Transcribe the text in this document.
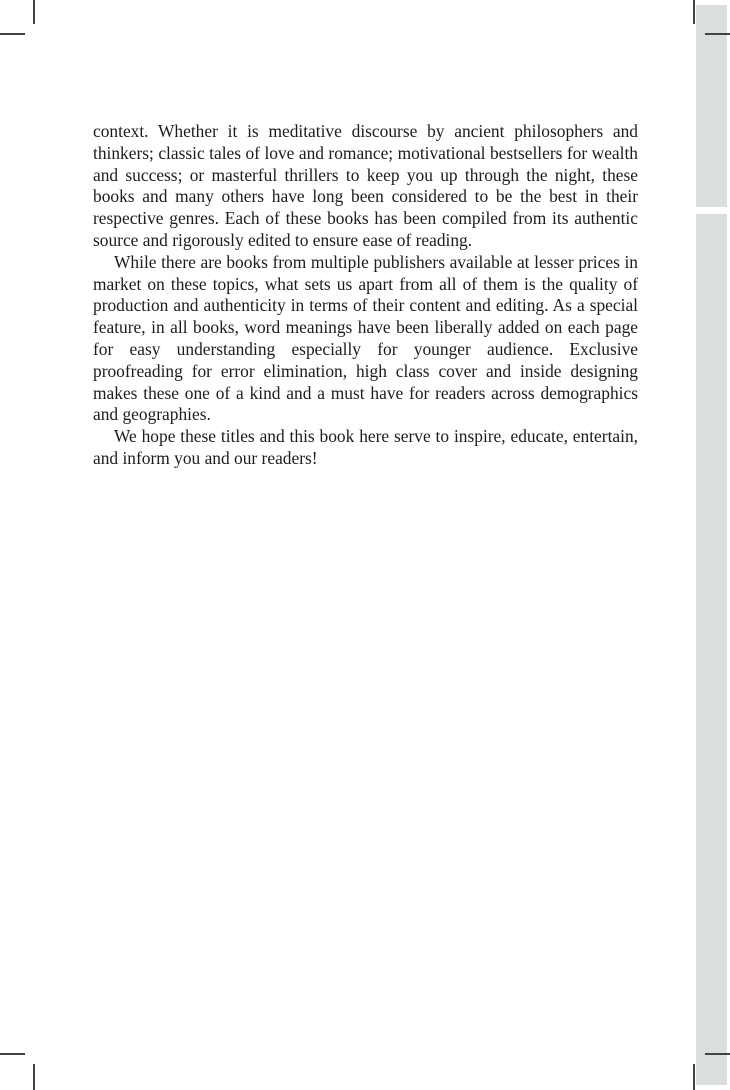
context. Whether it is meditative discourse by ancient philosophers and thinkers; classic tales of love and romance; motivational bestsellers for wealth and success; or masterful thrillers to keep you up through the night, these books and many others have long been considered to be the best in their respective genres. Each of these books has been compiled from its authentic source and rigorously edited to ensure ease of reading.

While there are books from multiple publishers available at lesser prices in market on these topics, what sets us apart from all of them is the quality of production and authenticity in terms of their content and editing. As a special feature, in all books, word meanings have been liberally added on each page for easy understanding especially for younger audience. Exclusive proofreading for error elimination, high class cover and inside designing makes these one of a kind and a must have for readers across demographics and geographies.

We hope these titles and this book here serve to inspire, educate, entertain, and inform you and our readers!
